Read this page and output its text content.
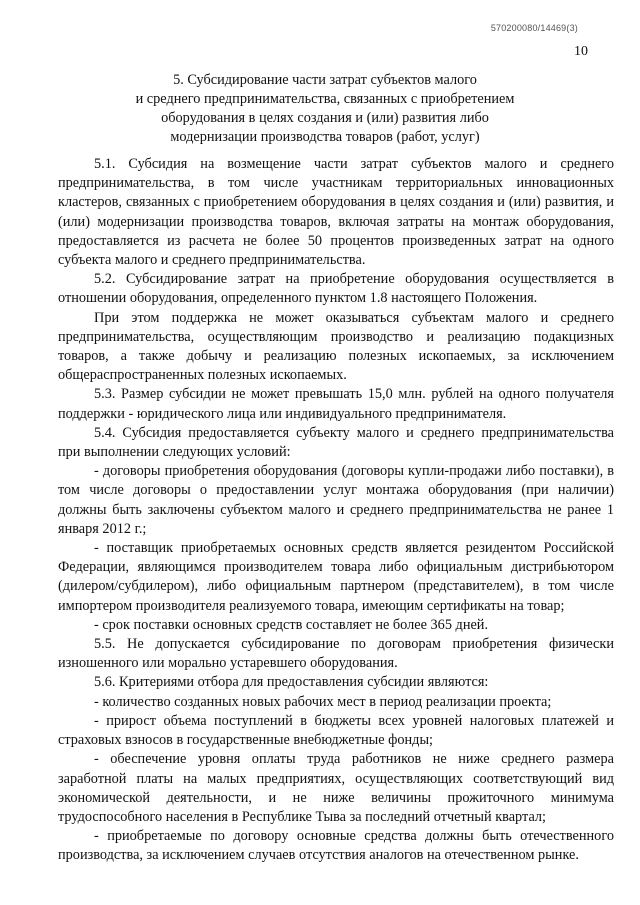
570200080/14469(3)
10
5. Субсидирование части затрат субъектов малого
и среднего предпринимательства, связанных с приобретением
оборудования в целях создания и (или) развития либо
модернизации производства товаров (работ, услуг)

5.1. Субсидия на возмещение части затрат субъектов малого и среднего предпринимательства, в том числе участникам территориальных инновационных кластеров, связанных с приобретением оборудования в целях создания и (или) развития, и (или) модернизации производства товаров, включая затраты на монтаж оборудования, предоставляется из расчета не более 50 процентов произведенных затрат на одного субъекта малого и среднего предпринимательства.

5.2. Субсидирование затрат на приобретение оборудования осуществляется в отношении оборудования, определенного пунктом 1.8 настоящего Положения.

При этом поддержка не может оказываться субъектам малого и среднего предпринимательства, осуществляющим производство и реализацию подакцизных товаров, а также добычу и реализацию полезных ископаемых, за исключением общераспространенных полезных ископаемых.

5.3. Размер субсидии не может превышать 15,0 млн. рублей на одного получателя поддержки - юридического лица или индивидуального предпринимателя.

5.4. Субсидия предоставляется субъекту малого и среднего предпринимательства при выполнении следующих условий:

- договоры приобретения оборудования (договоры купли-продажи либо поставки), в том числе договоры о предоставлении услуг монтажа оборудования (при наличии) должны быть заключены субъектом малого и среднего предпринимательства не ранее 1 января 2012 г.;

- поставщик приобретаемых основных средств является резидентом Российской Федерации, являющимся производителем товара либо официальным дистрибьютором (дилером/субдилером), либо официальным партнером (представителем), в том числе импортером производителя реализуемого товара, имеющим сертификаты на товар;

- срок поставки основных средств составляет не более 365 дней.

5.5. Не допускается субсидирование по договорам приобретения физически изношенного или морально устаревшего оборудования.

5.6. Критериями отбора для предоставления субсидии являются:

- количество созданных новых рабочих мест в период реализации проекта;

- прирост объема поступлений в бюджеты всех уровней налоговых платежей и страховых взносов в государственные внебюджетные фонды;

- обеспечение уровня оплаты труда работников не ниже среднего размера заработной платы на малых предприятиях, осуществляющих соответствующий вид экономической деятельности, и не ниже величины прожиточного минимума трудоспособного населения в Республике Тыва за последний отчетный квартал;

- приобретаемые по договору основные средства должны быть отечественного производства, за исключением случаев отсутствия аналогов на отечественном рынке.
